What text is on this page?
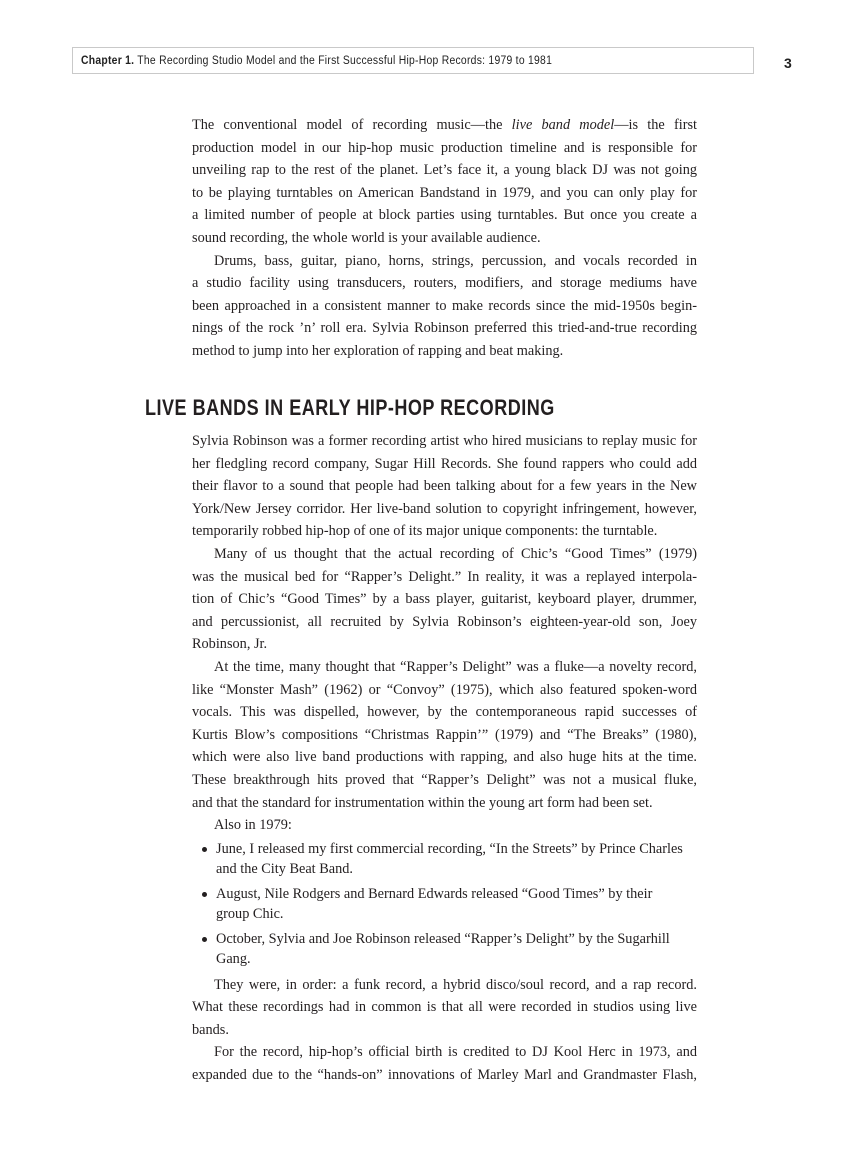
Chapter 1. The Recording Studio Model and the First Successful Hip-Hop Records: 1979 to 1981	3
The conventional model of recording music—the live band model—is the first
production model in our hip-hop music production timeline and is responsible for
unveiling rap to the rest of the planet. Let’s face it, a young black DJ was not going
to be playing turntables on American Bandstand in 1979, and you can only play for
a limited number of people at block parties using turntables. But once you create a
sound recording, the whole world is your available audience.
Drums, bass, guitar, piano, horns, strings, percussion, and vocals recorded in
a studio facility using transducers, routers, modifiers, and storage mediums have
been approached in a consistent manner to make records since the mid-1950s begin-
nings of the rock ’n’ roll era. Sylvia Robinson preferred this tried-and-true recording
method to jump into her exploration of rapping and beat making.
LIVE BANDS IN EARLY HIP-HOP RECORDING
Sylvia Robinson was a former recording artist who hired musicians to replay music for
her fledgling record company, Sugar Hill Records. She found rappers who could add
their flavor to a sound that people had been talking about for a few years in the New
York/New Jersey corridor. Her live-band solution to copyright infringement, however,
temporarily robbed hip-hop of one of its major unique components: the turntable.
Many of us thought that the actual recording of Chic’s “Good Times” (1979)
was the musical bed for “Rapper’s Delight.” In reality, it was a replayed interpola-
tion of Chic’s “Good Times” by a bass player, guitarist, keyboard player, drummer,
and percussionist, all recruited by Sylvia Robinson’s eighteen-year-old son, Joey
Robinson, Jr.
At the time, many thought that “Rapper’s Delight” was a fluke—a novelty record,
like “Monster Mash” (1962) or “Convoy” (1975), which also featured spoken-word
vocals. This was dispelled, however, by the contemporaneous rapid successes of
Kurtis Blow’s compositions “Christmas Rappin’” (1979) and “The Breaks” (1980),
which were also live band productions with rapping, and also huge hits at the time.
These breakthrough hits proved that “Rapper’s Delight” was not a musical fluke,
and that the standard for instrumentation within the young art form had been set.
Also in 1979:
June, I released my first commercial recording, “In the Streets” by Prince Charles
and the City Beat Band.
August, Nile Rodgers and Bernard Edwards released “Good Times” by their
group Chic.
October, Sylvia and Joe Robinson released “Rapper’s Delight” by the Sugarhill
Gang.
They were, in order: a funk record, a hybrid disco/soul record, and a rap record.
What these recordings had in common is that all were recorded in studios using live
bands.
For the record, hip-hop’s official birth is credited to DJ Kool Herc in 1973, and
expanded due to the “hands-on” innovations of Marley Marl and Grandmaster Flash,
